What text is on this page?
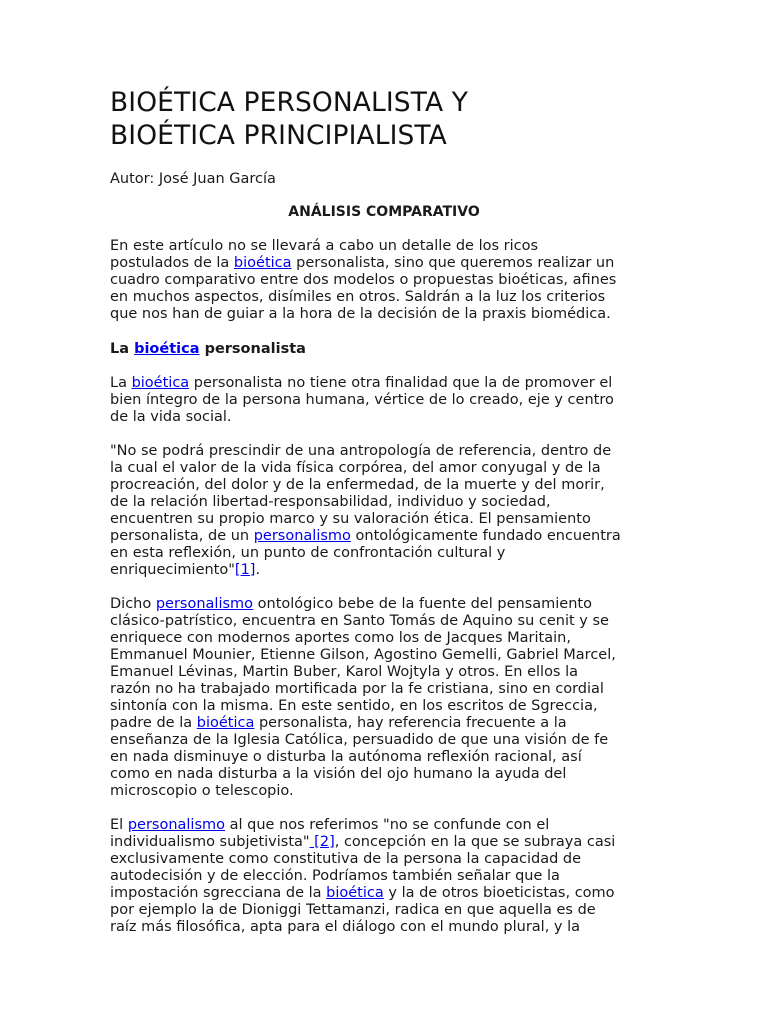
BIOÉTICA PERSONALISTA Y
BIOÉTICA PRINCIPIALISTA
Autor: José Juan García
ANÁLISIS COMPARATIVO
En este artículo no se llevará a cabo un detalle de los ricos
postulados de la bioética personalista, sino que queremos realizar un
cuadro comparativo entre dos modelos o propuestas bioéticas, afines
en muchos aspectos, disímiles en otros. Saldrán a la luz los criterios
que nos han de guiar a la hora de la decisión de la praxis biomédica.
La bioética personalista
La bioética personalista no tiene otra finalidad que la de promover el
bien íntegro de la persona humana, vértice de lo creado, eje y centro
de la vida social.
"No se podrá prescindir de una antropología de referencia, dentro de
la cual el valor de la vida física corpórea, del amor conyugal y de la
procreación, del dolor y de la enfermedad, de la muerte y del morir,
de la relación libertad-responsabilidad, individuo y sociedad,
encuentren su propio marco y su valoración ética. El pensamiento
personalista, de un personalismo ontológicamente fundado encuentra
en esta reflexión, un punto de confrontación cultural y
enriquecimiento"[1].
Dicho personalismo ontológico bebe de la fuente del pensamiento
clásico-patrístico, encuentra en Santo Tomás de Aquino su cenit y se
enriquece con modernos aportes como los de Jacques Maritain,
Emmanuel Mounier, Etienne Gilson, Agostino Gemelli, Gabriel Marcel,
Emanuel Lévinas, Martin Buber, Karol Wojtyla y otros. En ellos la
razón no ha trabajado mortificada por la fe cristiana, sino en cordial
sintonía con la misma. En este sentido, en los escritos de Sgreccia,
padre de la bioética personalista, hay referencia frecuente a la
enseñanza de la Iglesia Católica, persuadido de que una visión de fe
en nada disminuye o disturba la autónoma reflexión racional, así
como en nada disturba a la visión del ojo humano la ayuda del
microscopio o telescopio.
El personalismo al que nos referimos "no se confunde con el
individualismo subjetivista" [2], concepción en la que se subraya casi
exclusivamente como constitutiva de la persona la capacidad de
autodecisión y de elección. Podríamos también señalar que la
impostación sgrecciana de la bioética y la de otros bioeticistas, como
por ejemplo la de Dioniggi Tettamanzi, radica en que aquella es de
raíz más filosófica, apta para el diálogo con el mundo plural, y la
